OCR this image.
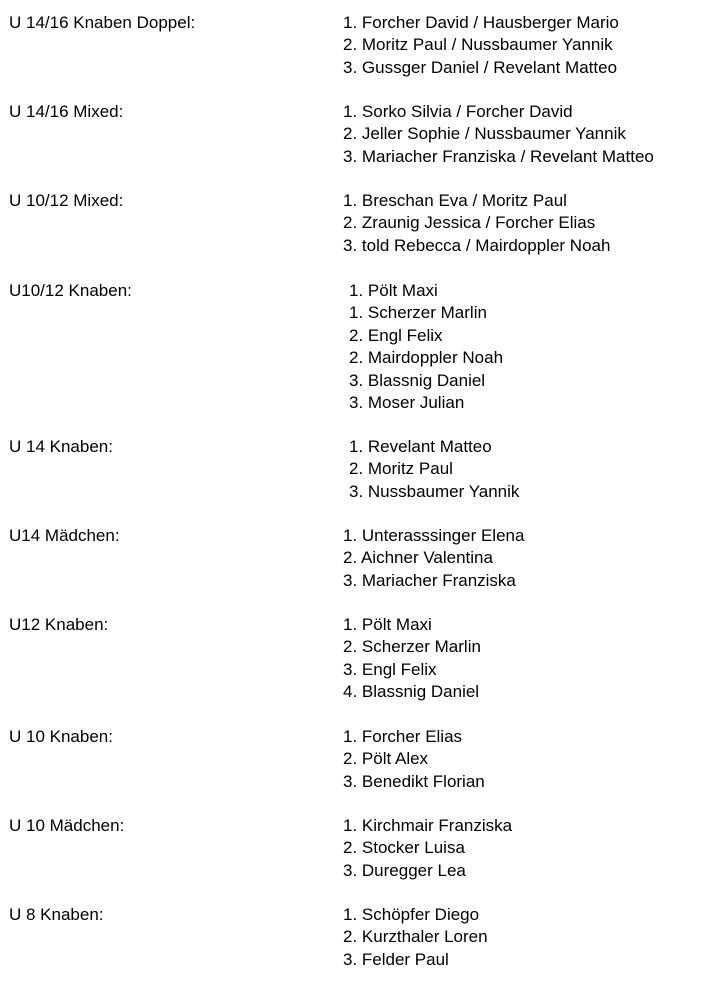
U 14/16 Knaben Doppel:	1. Forcher David / Hausberger Mario
2. Moritz Paul / Nussbaumer Yannik
3. Gussger Daniel / Revelant Matteo
U 14/16 Mixed:	1. Sorko Silvia / Forcher David
2. Jeller Sophie / Nussbaumer Yannik
3. Mariacher Franziska / Revelant Matteo
U 10/12 Mixed:	1. Breschan Eva / Moritz Paul
2. Zraunig Jessica / Forcher Elias
3. told Rebecca / Mairdoppler Noah
U10/12 Knaben:	1. Pölt Maxi
1. Scherzer Marlin
2. Engl Felix
2. Mairdoppler Noah
3. Blassnig Daniel
3. Moser Julian
U 14 Knaben:	1. Revelant Matteo
2. Moritz Paul
3. Nussbaumer Yannik
U14 Mädchen:	1. Unterasssinger Elena
2. Aichner Valentina
3. Mariacher Franziska
U12 Knaben:	1. Pölt Maxi
2. Scherzer Marlin
3. Engl Felix
4. Blassnig Daniel
U 10 Knaben:	1. Forcher Elias
2. Pölt Alex
3. Benedikt Florian
U 10 Mädchen:	1. Kirchmair Franziska
2. Stocker Luisa
3. Duregger Lea
U 8 Knaben:	1. Schöpfer Diego
2. Kurzthaler Loren
3. Felder Paul
